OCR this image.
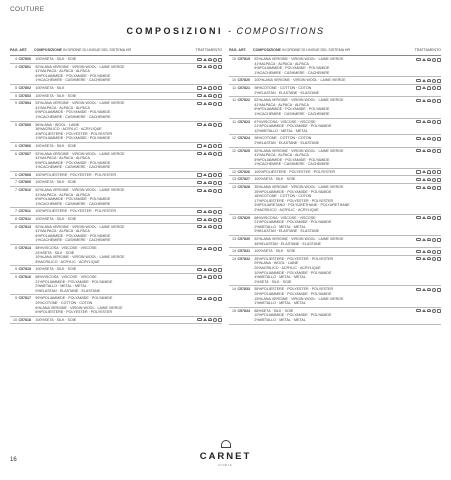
COUTURE
COMPOSIZIONI - COMPOSITIONS
PAG. ART.	COMPOSIZIONE IN ORDINE DI LINGUE DEL SISTEMA HR	TRATTAMENTO
4 C57800	100%SETA · SILK · SOIE
4 C57801	52%LANA VERGINE · VIRGIN WOOL · LAINE VIERGE
41%ALPACA · ALPACA · ALPACA
6%POLIAMMIDE · POLYAMIDE · POLYAMIDE
1%CACHEMIRE · CASHMERE · CACHEMIRE
5 C57802	100%SETA · SILK
5 C57803	100%SETA · SILK · SOIE
5 C57804	52%LANA VERGINE · VIRGIN WOOL · LAINE VIERGE
41%ALPACA · ALPACA · ALPACA
6%POLIAMMIDE · POLYAMIDE · POLYAMIDE
1%CACHEMIRE · CASHMERE · CACHEMIRE
5 C57805	56%LANA · WOOL · LAINE
36%ACRILICO · ACRYLIC · ACRYLIQUE
4%POLIESTERE · POLYESTER · POLYESTER
1%POLIAMMIDE · POLYAMIDE · POLYAMIDE
6 C57806	100%SETA · SILK · SOIE
6 C57807	52%LANA VERGINE · VIRGIN WOOL · LAINE VIERGE
41%ALPACA · ALPACA · ALPACA
6%POLIAMMIDE · POLYAMIDE · POLYAMIDE
1%CACHEMIRE · CASHMERE · CACHEMIRE
6 C57808	100%POLIESTERE · POLYESTER · POLYESTER
7 C57809	100%SETA · SILK · SOIE
7 C57810	52%LANA VERGINE · VIRGIN WOOL · LAINE VIERGE
41%ALPACA · ALPACA · ALPACA
6%POLIAMMIDE · POLYAMIDE · POLYAMIDE
1%CACHEMIRE · CASHMERE · CACHEMIRE
7 C57811	100%POLIESTERE · POLYESTER · POLYESTER
8 C57812	100%SETA · SILK · SOIE
8 C57813	52%LANA VERGINE · VIRGIN WOOL · LAINE VIERGE
41%ALPACA · ALPACA · ALPACA
6%POLIAMMIDE · POLYAMIDE · POLYAMIDE
1%CACHEMIRE · CASHMERE · CACHEMIRE
8 C57814	58%VISCOSA · VISCOSE · VISCOSE
24%SETA · SILK · SOIE
10%LANA VERGINE · VIRGIN WOOL · LAINE VIERGE
8%ACRILICO · ACRYLIC · ACRYLIQUE
9 C57815	100%SETA · SILK · SOIE
9 C57816	68%VISCOSA · VISCOSE · VISCOSE
21%POLIAMMIDE · POLYAMIDE · POLYAMIDE
2%METALLO · METAL · METAL
9%ELASTAN · ELASTANE · ELASTANE
9 C57817	59%POLIAMMIDE · POLYAMIDE · POLYAMIDE
29%COTONE · COTTON · COTON
6%LANA VERGINE · VIRGIN WOOL · LAINE VIERGE
6%POLIESTERE · POLYESTER · POLYESTER
10 C57818	100%SETA · SILK · SOIE
PAG. ART.	COMPOSIZIONE IN ORDINE DI LINGUE DEL SISTEMA HR	TRATTAMENTO
10 C57819	52%LANA VERGINE · VIRGIN WOOL · LAINE VIERGE
41%ALPACA · ALPACA · ALPACA
6%POLIAMMIDE · POLYAMIDE · POLYAMIDE
1%CACHEMIRE · CASHMERE · CACHEMIRE
10 C57820	100%LANA VERGINE · VIRGIN WOOL · LAINE VIERGE
11 C57821	98%COTONE · COTTON · COTON
2%ELASTAN · ELASTANE · ELASTANE
11 C57822	52%LANA VERGINE · VIRGIN WOOL · LAINE VIERGE
41%ALPACA · ALPACA · ALPACA
6%POLIAMMIDE · POLYAMIDE · POLYAMIDE
1%CACHEMIRE · CASHMERE · CACHEMIRE
11 C57823	67%VISCOSA · VISCOSE · VISCOSE
21%POLIAMMIDE · POLYAMIDE · POLYAMIDE
12%METALLO · METAL · METAL
12 C57824	98%COTONE · COTTON · COTON
2%ELASTAN · ELASTANE · ELASTANE
12 C57825	52%LANA VERGINE · VIRGIN WOOL · LAINE VIERGE
41%ALPACA · ALPACA · ALPACA
6%POLIAMMIDE · POLYAMIDE · POLYAMIDE
1%CACHEMIRE · CASHMERE · CACHEMIRE
12 C57826	100%POLIESTERE · POLYESTER · POLYESTER
13 C57827	100%SETA · SILK · SOIE
13 C57828	35%LANA VERGINE · VIRGIN WOOL · LAINE VIERGE
25%POLIAMMIDE · POLYAMIDE · POLYAMIDE
18%COTONE · COTTON · COTON
17%POLIESTERE · POLYESTER · POLYESTER
3%POLIURETANO · POLYURETHANE · POLYURETHANE
2%ACRILICO · ACRYLIC · ACRYLIQUE
13 C57829	68%VISCOSA · VISCOSE · VISCOSE
21%POLIAMMIDE · POLYAMIDE · POLYAMIDE
2%METALLO · METAL · METAL
9%ELASTAN · ELASTANE · ELASTANE
13 C57830	52%LANA VERGINE · VIRGIN WOOL · LAINE VIERGE
48%ELASTAN · ELASTANE · ELASTANE
14 C57831	100%SETA · SILK · SOIE
14 C57832	35%POLIESTERE · POLYESTER · POLYESTER
29%LANA · WOOL · LAINE
20%ACRILICO · ACRYLIC · ACRYLIQUE
10%POLIAMMIDE · POLYAMIDE · POLYAMIDE
4%METALLO · METAL · METAL
2%SETA · SILK · SOIE
14 C57833	55%POLIESTERE · POLYESTER · POLYESTER
29%POLIAMMIDE · POLYAMIDE · POLYAMIDE
15%LANA VERGINE · VIRGIN WOOL · LAINE VIERGE
1%METALLO · METAL · METAL
15 C57834	88%SETA · SILK · SOIE
10%POLIAMMIDE · POLYAMIDE · POLYAMIDE
2%METALLO · METAL · METAL
CARNET
CURIA
16
